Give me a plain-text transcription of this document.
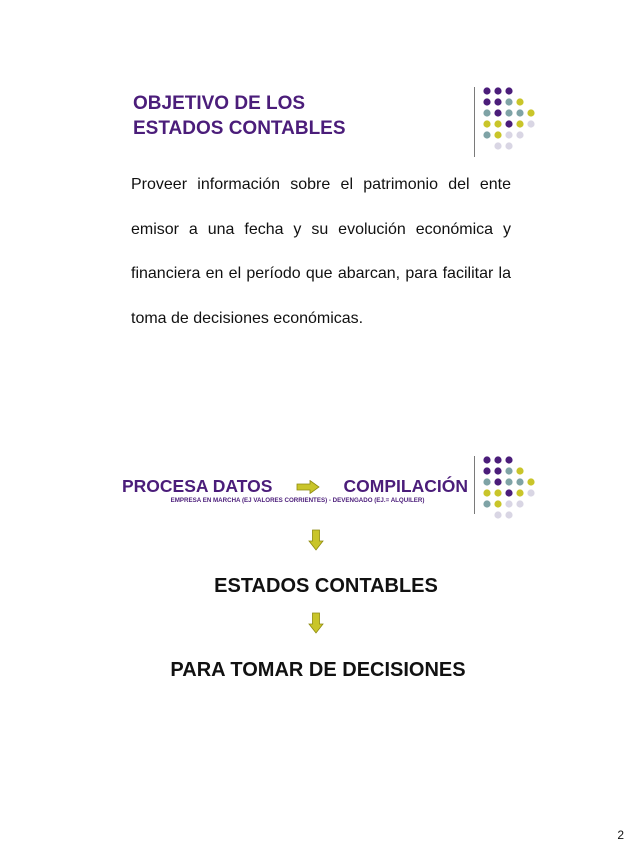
OBJETIVO DE LOS
ESTADOS CONTABLES
Proveer información sobre el patrimonio del ente emisor a una fecha y su evolución económica y financiera en el período que abarcan, para facilitar la toma de decisiones económicas.
PROCESA DATOS	COMPILACIÓN
EMPRESA EN MARCHA (EJ VALORES CORRIENTES) - DEVENGADO (EJ.= ALQUILER)
ESTADOS CONTABLES
PARA TOMAR DE DECISIONES
2
